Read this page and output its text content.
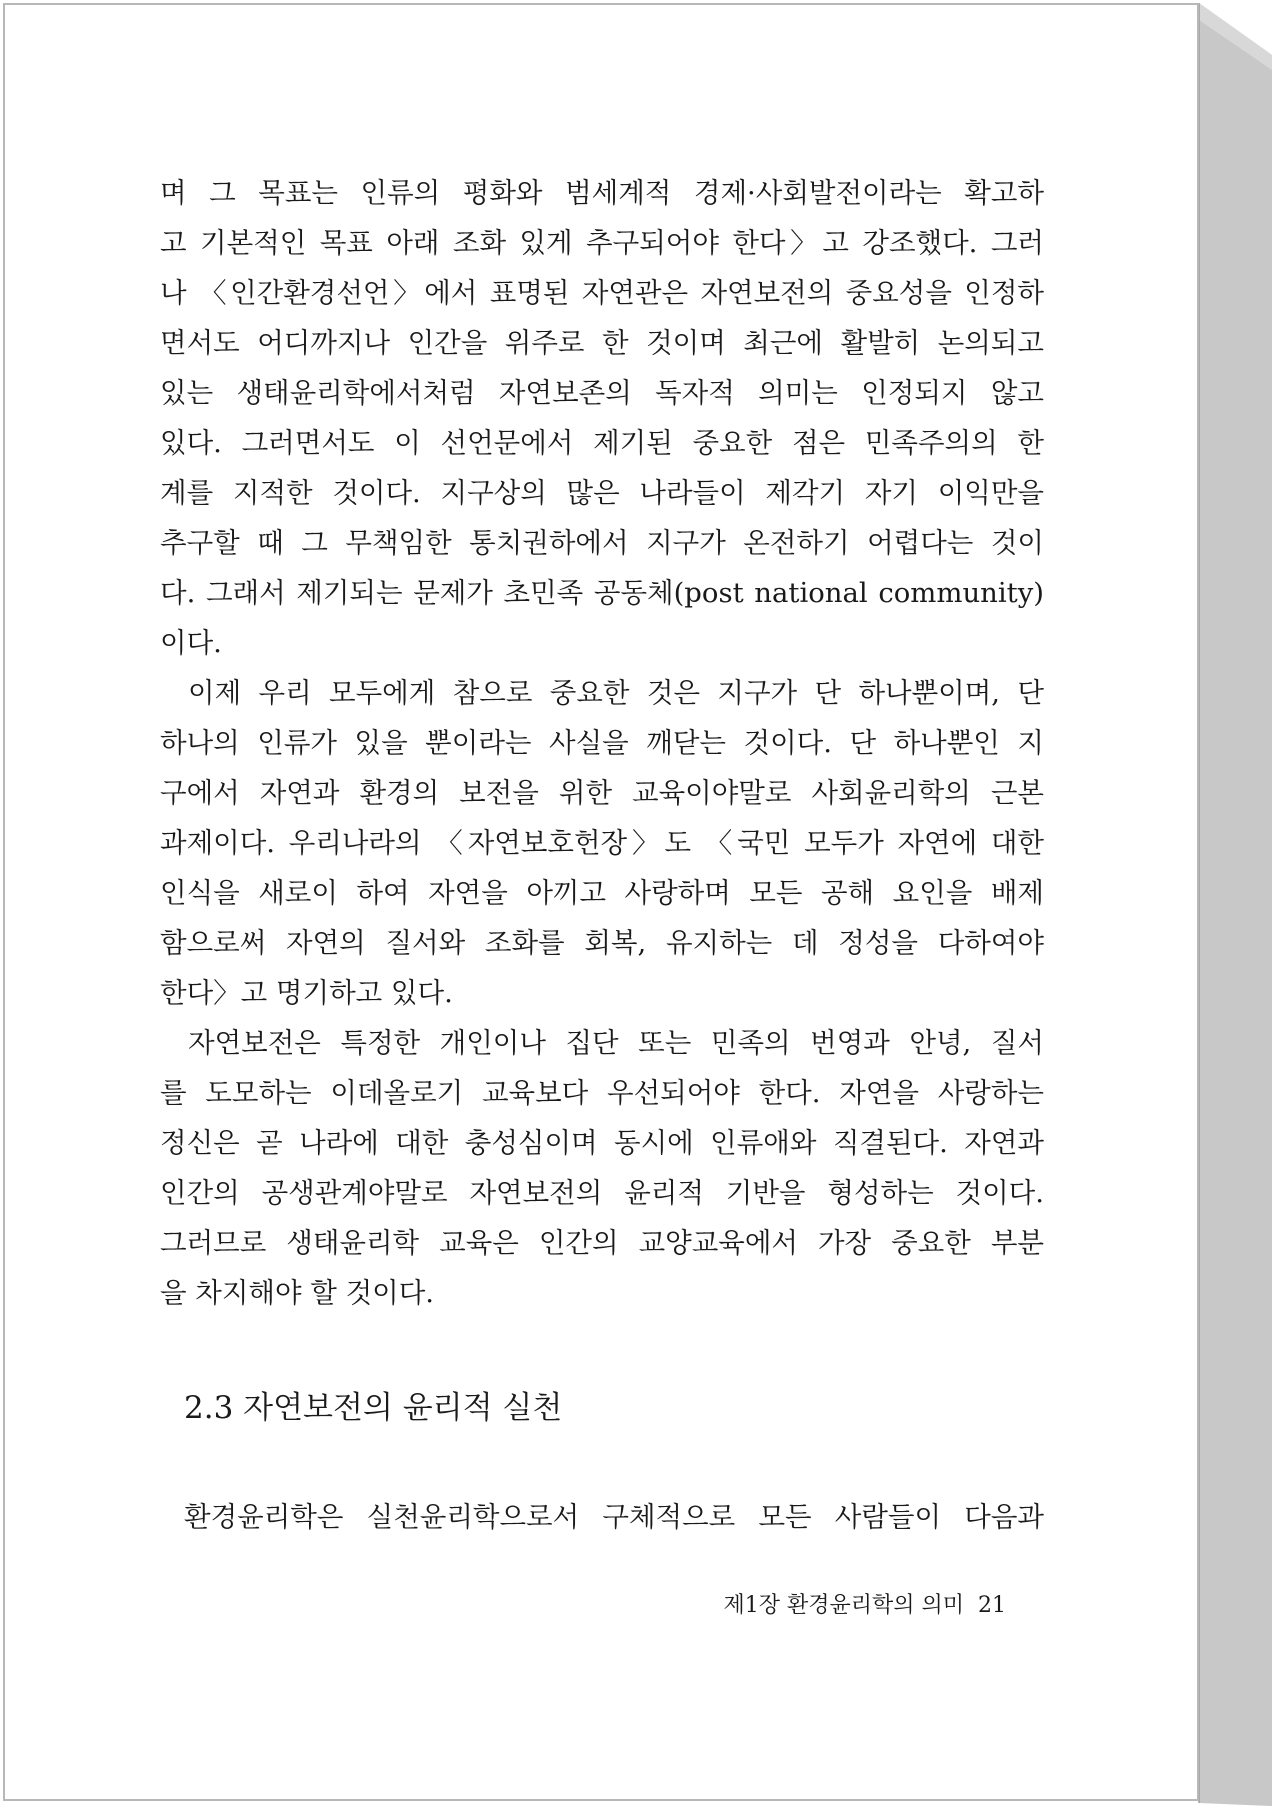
며 그 목표는 인류의 평화와 범세계적 경제·사회발전이라는 확고하
고 기본적인 목표 아래 조화 있게 추구되어야 한다〉고 강조했다. 그러
나 〈인간환경선언〉에서 표명된 자연관은 자연보전의 중요성을 인정하
면서도 어디까지나 인간을 위주로 한 것이며 최근에 활발히 논의되고
있는 생태윤리학에서처럼 자연보존의 독자적 의미는 인정되지 않고
있다. 그러면서도 이 선언문에서 제기된 중요한 점은 민족주의의 한
계를 지적한 것이다. 지구상의 많은 나라들이 제각기 자기 이익만을
추구할 때 그 무책임한 통치권하에서 지구가 온전하기 어렵다는 것이
다. 그래서 제기되는 문제가 초민족 공동체(post national community)
이다.
이제 우리 모두에게 참으로 중요한 것은 지구가 단 하나뿐이며, 단
하나의 인류가 있을 뿐이라는 사실을 깨닫는 것이다. 단 하나뿐인 지
구에서 자연과 환경의 보전을 위한 교육이야말로 사회윤리학의 근본
과제이다. 우리나라의 〈자연보호헌장〉도 〈국민 모두가 자연에 대한
인식을 새로이 하여 자연을 아끼고 사랑하며 모든 공해 요인을 배제
함으로써 자연의 질서와 조화를 회복, 유지하는 데 정성을 다하여야
한다〉고 명기하고 있다.
자연보전은 특정한 개인이나 집단 또는 민족의 번영과 안녕, 질서
를 도모하는 이데올로기 교육보다 우선되어야 한다. 자연을 사랑하는
정신은 곧 나라에 대한 충성심이며 동시에 인류애와 직결된다. 자연과
인간의 공생관계야말로 자연보전의 윤리적 기반을 형성하는 것이다.
그러므로 생태윤리학 교육은 인간의 교양교육에서 가장 중요한 부분
을 차지해야 할 것이다.
2.3 자연보전의 윤리적 실천
환경윤리학은 실천윤리학으로서 구체적으로 모든 사람들이 다음과
제1장 환경윤리학의 의미 21
